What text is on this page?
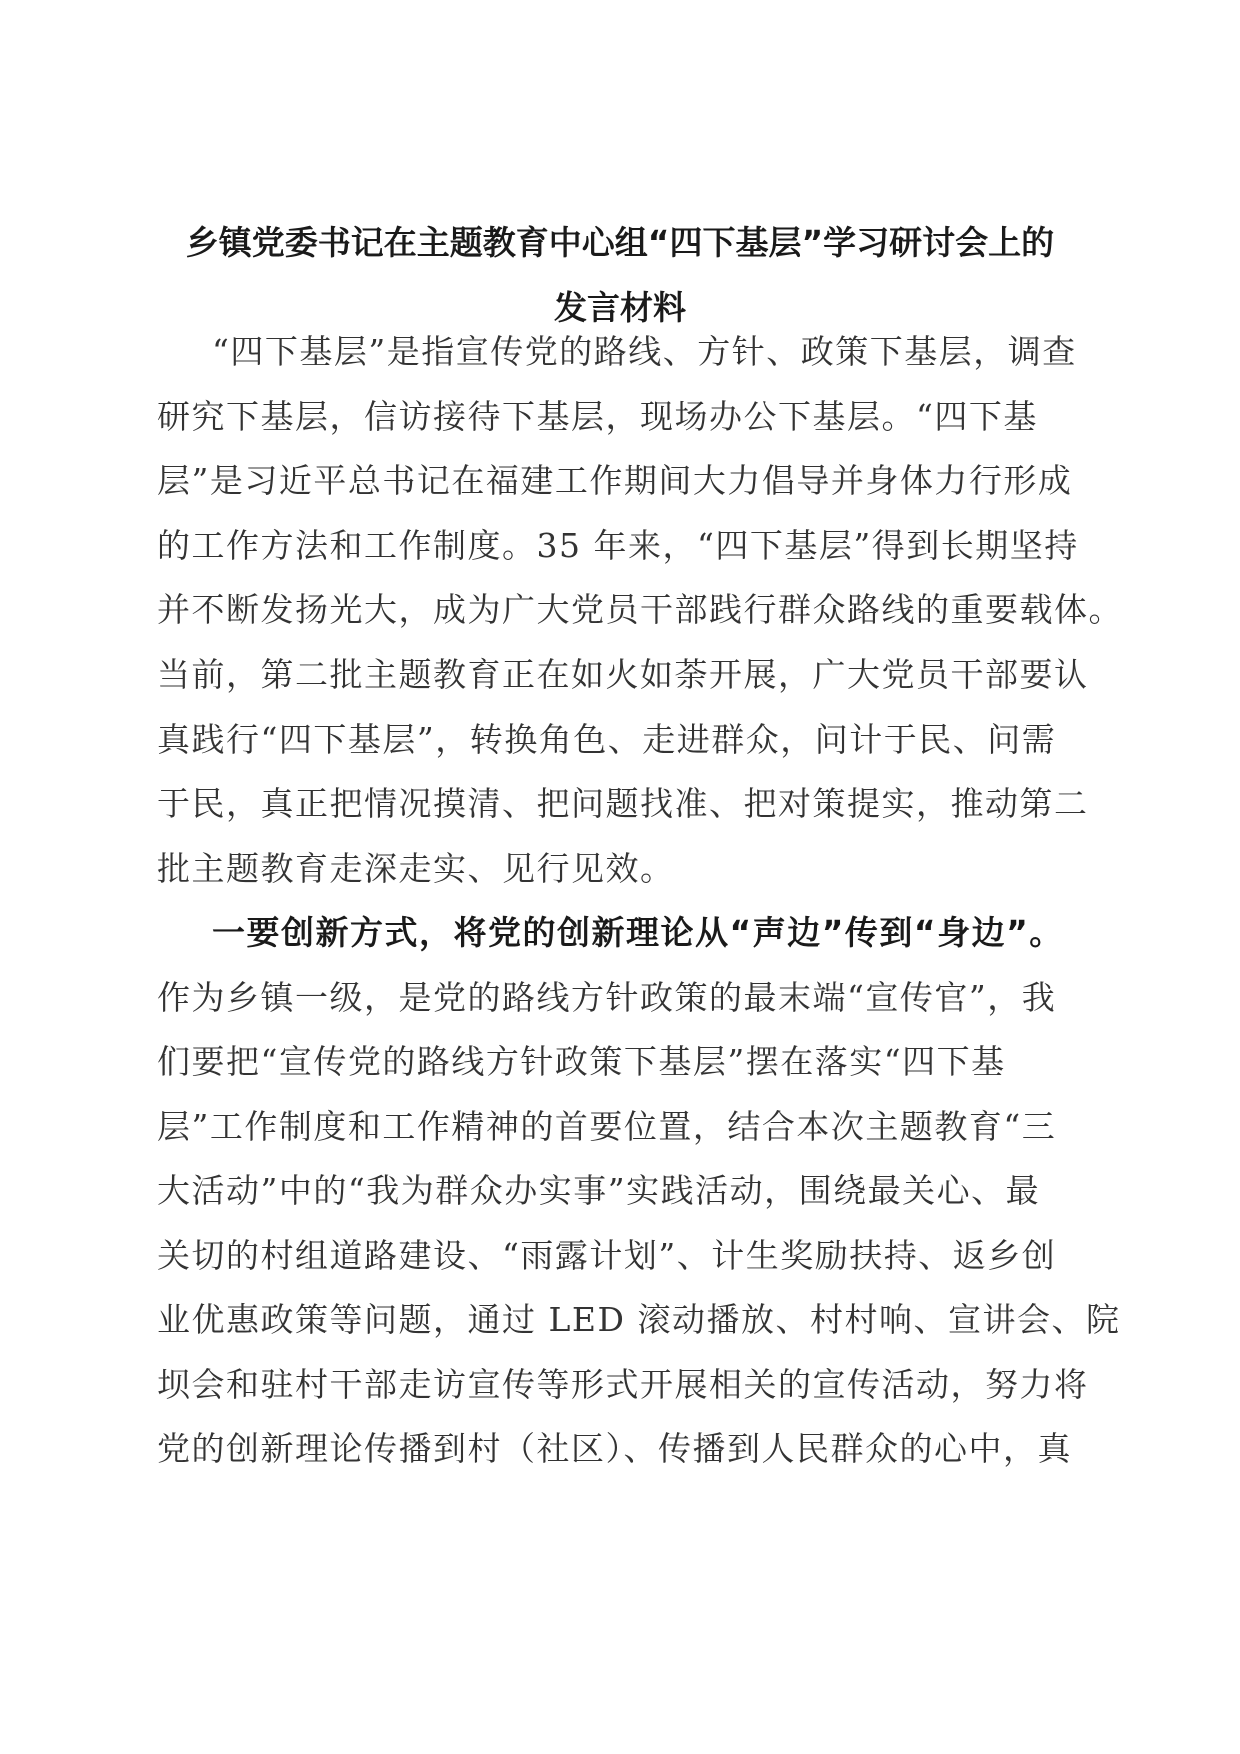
乡镇党委书记在主题教育中心组“四下基层”学习研讨会上的
发言材料
“四下基层”是指宣传党的路线、方针、政策下基层，调查
研究下基层，信访接待下基层，现场办公下基层。“四下基
层”是习近平总书记在福建工作期间大力倡导并身体力行形成
的工作方法和工作制度。35 年来，“四下基层”得到长期坚持
并不断发扬光大，成为广大党员干部践行群众路线的重要载体。
当前，第二批主题教育正在如火如荼开展，广大党员干部要认
真践行“四下基层”，转换角色、走进群众，问计于民、问需
于民，真正把情况摸清、把问题找准、把对策提实，推动第二
批主题教育走深走实、见行见效。
一要创新方式，将党的创新理论从“声边”传到“身边”。
作为乡镇一级，是党的路线方针政策的最末端“宣传官”，我
们要把“宣传党的路线方针政策下基层”摆在落实“四下基
层”工作制度和工作精神的首要位置，结合本次主题教育“三
大活动”中的“我为群众办实事”实践活动，围绕最关心、最
关切的村组道路建设、“雨露计划”、计生奖励扶持、返乡创
业优惠政策等问题，通过 LED 滚动播放、村村响、宣讲会、院
坝会和驻村干部走访宣传等形式开展相关的宣传活动，努力将
党的创新理论传播到村（社区）、传播到人民群众的心中，真
